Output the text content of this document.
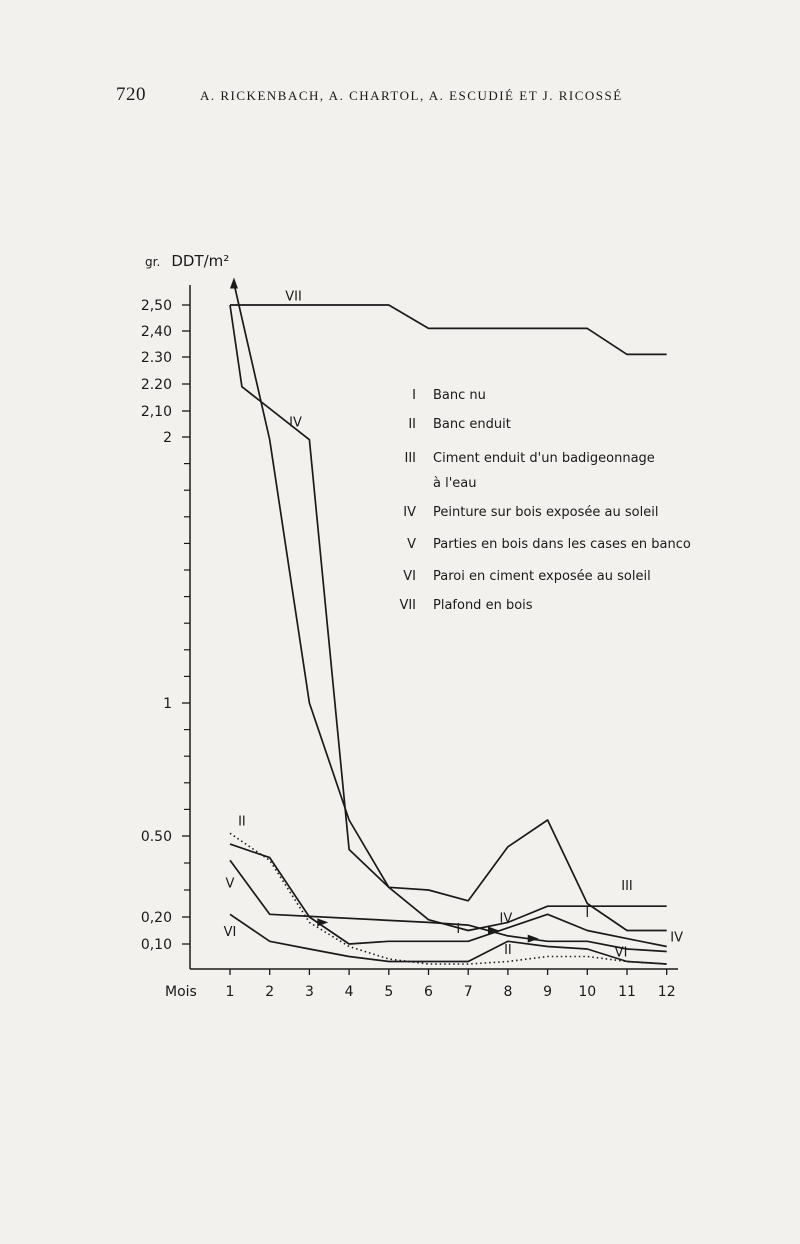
720	A. RICKENBACH, A. CHARTOL, A. ESCUDIÉ ET J. RICOSSÉ
2,50
2,40
2.30
2.20
2,10
2
1
0.50
0,20
0,10
1 2 3 4 5 6 7 8 9 10 11 12
gr. DDT/m²
Mois
VII
IV
II
V
VI	I
IV
II
III
I
VI
IV
I Banc nu
II Banc enduit
III Ciment enduit d'un badigeonnage
à l'eau
IV Peinture sur bois exposée au soleil
V Parties en bois dans les cases en banco
VI Paroi en ciment exposée au soleil
VII Plafond en bois
